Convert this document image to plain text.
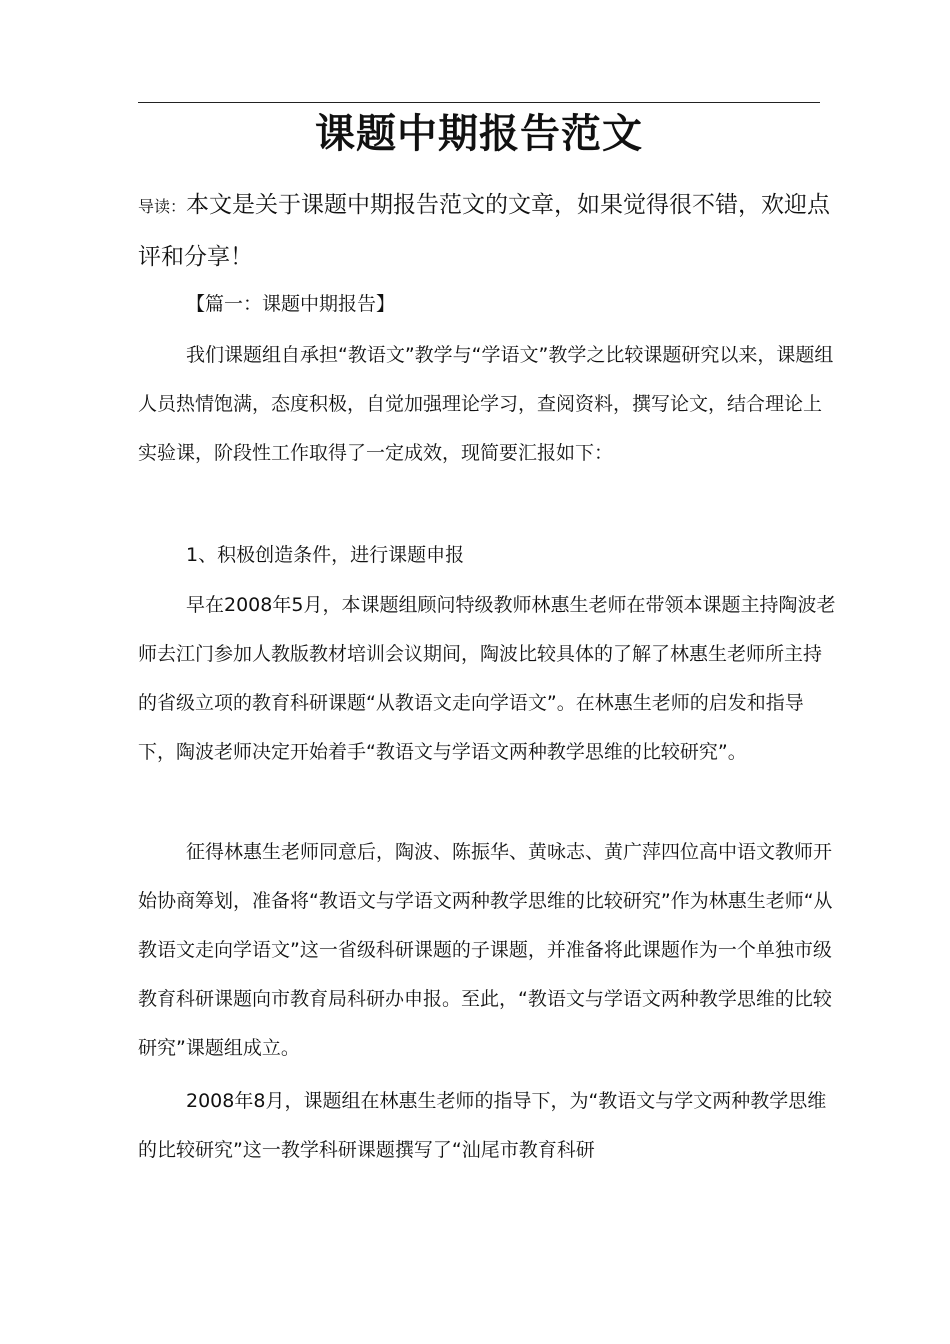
课题中期报告范文

导读：本文是关于课题中期报告范文的文章，如果觉得很不错，欢迎点评和分享！

【篇一：课题中期报告】

我们课题组自承担“教语文”教学与“学语文”教学之比较课题研究以来，课题组人员热情饱满，态度积极，自觉加强理论学习，查阅资料，撰写论文，结合理论上实验课，阶段性工作取得了一定成效，现简要汇报如下：

1、积极创造条件，进行课题申报

早在2008年5月，本课题组顾问特级教师林惠生老师在带领本课题主持陶波老师去江门参加人教版教材培训会议期间，陶波比较具体的了解了林惠生老师所主持的省级立项的教育科研课题“从教语文走向学语文”。在林惠生老师的启发和指导下，陶波老师决定开始着手“教语文与学语文两种教学思维的比较研究”。

征得林惠生老师同意后，陶波、陈振华、黄咏志、黄广萍四位高中语文教师开始协商筹划，准备将“教语文与学语文两种教学思维的比较研究”作为林惠生老师“从教语文走向学语文”这一省级科研课题的子课题，并准备将此课题作为一个单独市级教育科研课题向市教育局科研办申报。至此，“教语文与学语文两种教学思维的比较研究”课题组成立。

2008年8月，课题组在林惠生老师的指导下，为“教语文与学文两种教学思维的比较研究”这一教学科研课题撰写了“汕尾市教育科研
